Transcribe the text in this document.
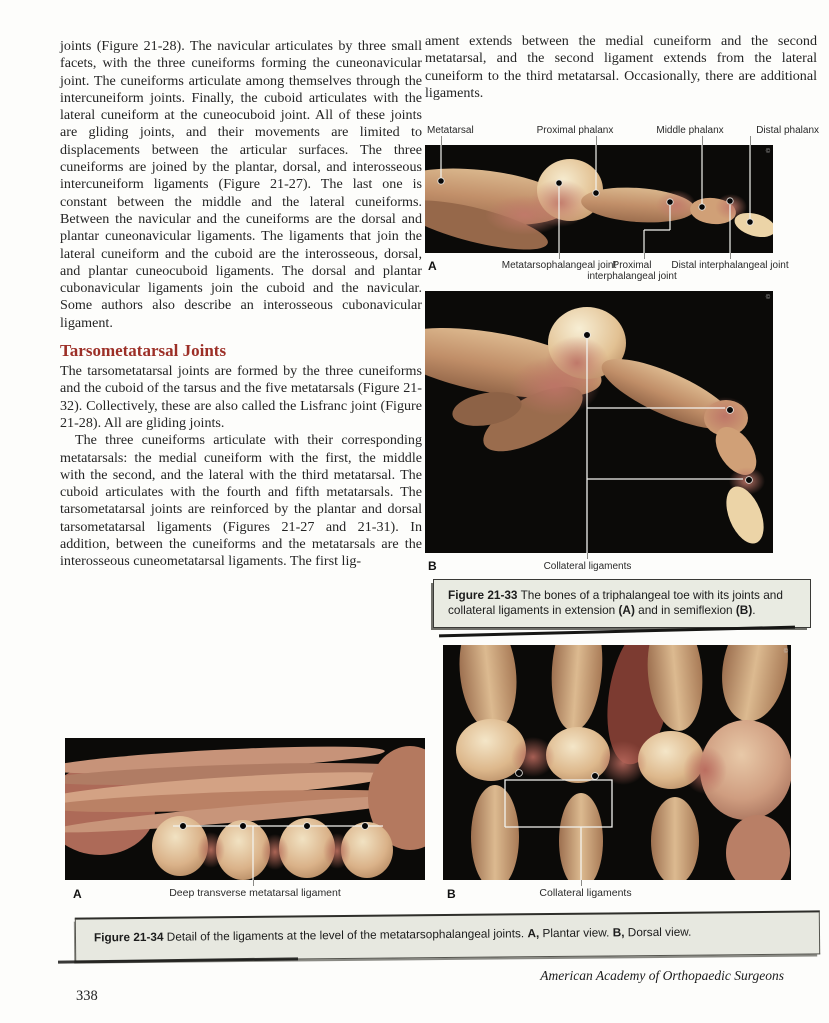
joints (Figure 21-28). The navicular articulates by three small facets, with the three cuneiforms forming the cuneonavicular joint. The cuneiforms articulate among themselves through the intercuneiform joints. Finally, the cuboid articulates with the lateral cuneiform at the cuneocuboid joint. All of these joints are gliding joints, and their movements are limited to displacements between the articular surfaces. The three cuneiforms are joined by the plantar, dorsal, and interosseous intercuneiform ligaments (Figure 21-27). The last one is constant between the middle and the lateral cuneiforms. Between the navicular and the cuneiforms are the dorsal and plantar cuneonavicular ligaments. The ligaments that join the lateral cuneiform and the cuboid are the interosseous, dorsal, and plantar cuneocuboid ligaments. The dorsal and plantar cubonavicular ligaments join the cuboid and the navicular. Some authors also describe an interosseous cubonavicular ligament.

Tarsometatarsal Joints

The tarsometatarsal joints are formed by the three cuneiforms and the cuboid of the tarsus and the five metatarsals (Figure 21-32). Collectively, these are also called the Lisfranc joint (Figure 21-28). All are gliding joints.

The three cuneiforms articulate with their corresponding metatarsals: the medial cuneiform with the first, the middle with the second, and the lateral with the third metatarsal. The cuboid articulates with the fourth and fifth metatarsals. The tarsometatarsal joints are reinforced by the plantar and dorsal tarsometatarsal ligaments (Figures 21-27 and 21-31). In addition, between the cuneiforms and the metatarsals are the interosseous cuneometatarsal ligaments. The first lig-

ament extends between the medial cuneiform and the second metatarsal, and the second ligament extends from the lateral cuneiform to the third metatarsal. Occasionally, there are additional ligaments.

Metatarsal	Proximal phalanx	Middle phalanx	Distal phalanx
©
A	Metatarsophalangeal joint
Proximal interphalangeal joint
Distal interphalangeal joint
©
B	Collateral ligaments
Figure 21-33 The bones of a triphalangeal toe with its joints and collateral ligaments in extension (A) and in semiflexion (B).
©
B	Collateral ligaments
A	Deep transverse metatarsal ligament
Figure 21-34 Detail of the ligaments at the level of the metatarsophalangeal joints. A, Plantar view. B, Dorsal view.
American Academy of Orthopaedic Surgeons
338
